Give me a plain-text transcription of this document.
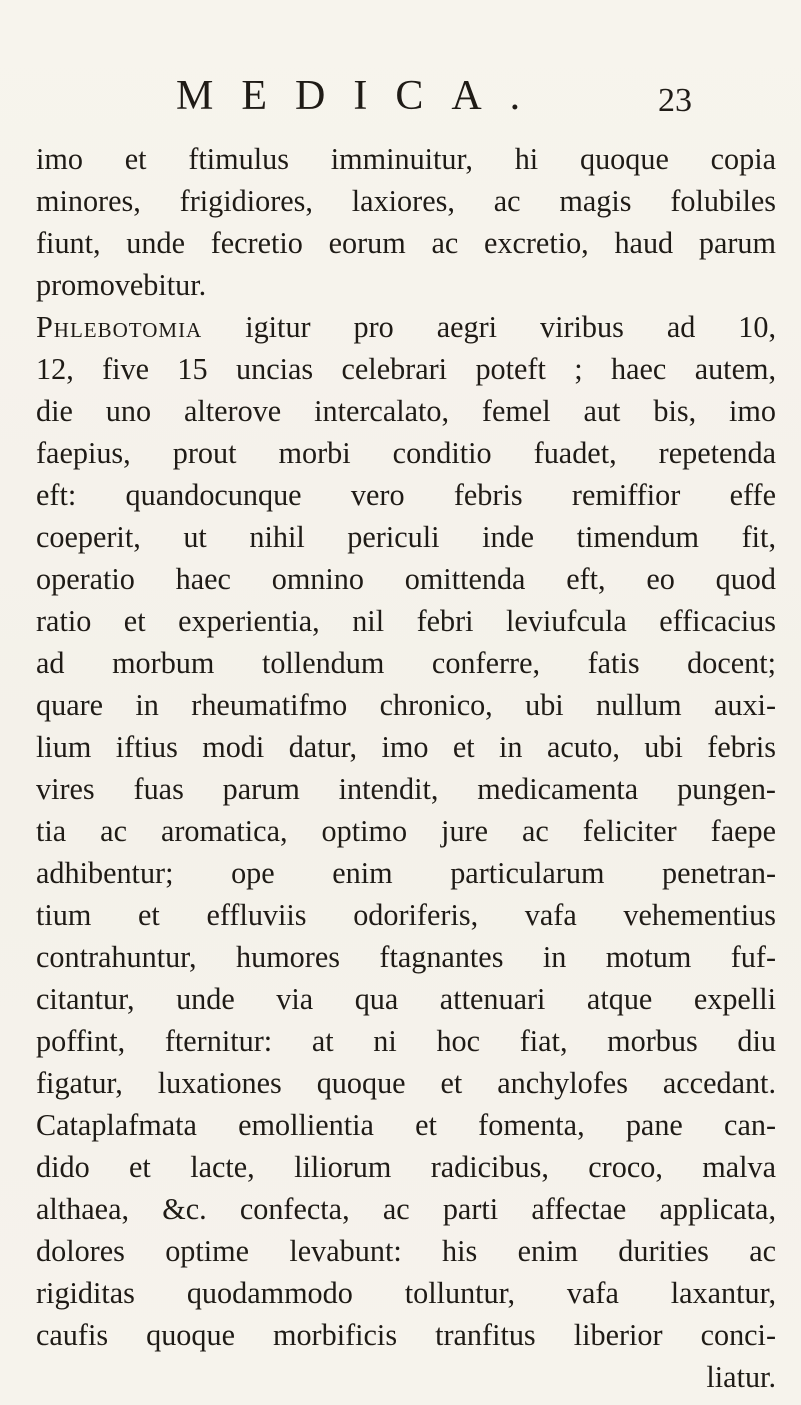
MEDICA.	23
imo et ftimulus imminuitur, hi quoque copia
minores, frigidiores, laxiores, ac magis folubiles
fiunt, unde fecretio eorum ac excretio, haud parum
promovebitur.
Phlebotomia igitur pro aegri viribus ad 10,
12, five 15 uncias celebrari poteft ; haec autem,
die uno alterove intercalato, femel aut bis, imo
faepius, prout morbi conditio fuadet, repetenda
eft: quandocunque vero febris remiffior effe
coeperit, ut nihil periculi inde timendum fit,
operatio haec omnino omittenda eft, eo quod
ratio et experientia, nil febri leviufcula efficacius
ad morbum tollendum conferre, fatis docent;
quare in rheumatifmo chronico, ubi nullum auxi-
lium iftius modi datur, imo et in acuto, ubi febris
vires fuas parum intendit, medicamenta pungen-
tia ac aromatica, optimo jure ac feliciter faepe
adhibentur; ope enim particularum penetran-
tium et effluviis odoriferis, vafa vehementius
contrahuntur, humores ftagnantes in motum fuf-
citantur, unde via qua attenuari atque expelli
poffint, fternitur: at ni hoc fiat, morbus diu
figatur, luxationes quoque et anchylofes accedant.
Cataplafmata emollientia et fomenta, pane can-
dido et lacte, liliorum radicibus, croco, malva
althaea, &c. confecta, ac parti affectae applicata,
dolores optime levabunt: his enim durities ac
rigiditas quodammodo tolluntur, vafa laxantur,
caufis quoque morbificis tranfitus liberior conci-
liatur.
